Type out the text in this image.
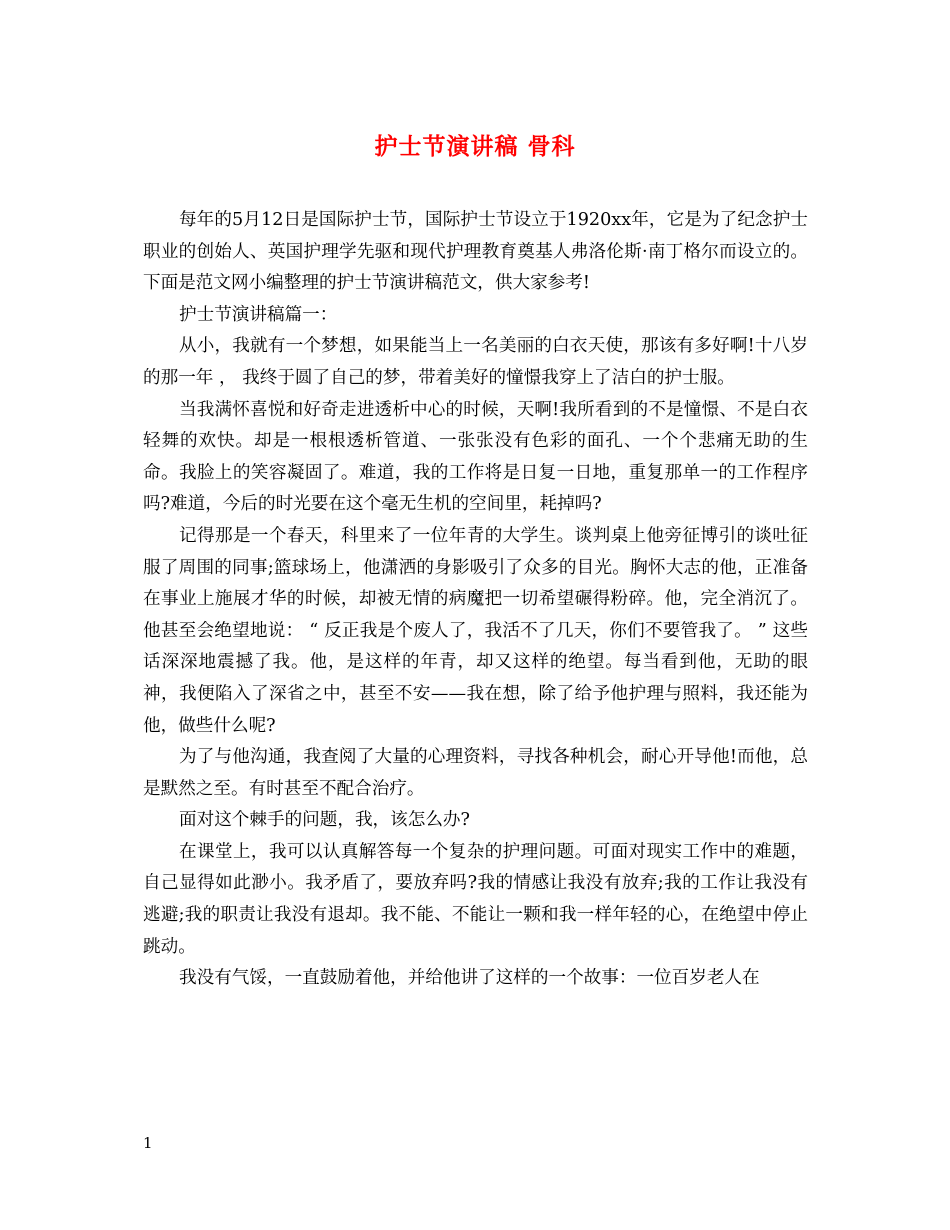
护士节演讲稿 骨科

每年的5月12日是国际护士节，国际护士节设立于1920xx年，它是为了纪念护士职业的创始人、英国护理学先驱和现代护理教育奠基人弗洛伦斯·南丁格尔而设立的。下面是范文网小编整理的护士节演讲稿范文，供大家参考!

护士节演讲稿篇一：

从小，我就有一个梦想，如果能当上一名美丽的白衣天使，那该有多好啊!十八岁的那一年 ， 我终于圆了自己的梦，带着美好的憧憬我穿上了洁白的护士服。

当我满怀喜悦和好奇走进透析中心的时候，天啊!我所看到的不是憧憬、不是白衣轻舞的欢快。却是一根根透析管道、一张张没有色彩的面孔、一个个悲痛无助的生命。我脸上的笑容凝固了。难道，我的工作将是日复一日地，重复那单一的工作程序吗?难道，今后的时光要在这个毫无生机的空间里，耗掉吗?

记得那是一个春天，科里来了一位年青的大学生。谈判桌上他旁征博引的谈吐征服了周围的同事;篮球场上，他潇洒的身影吸引了众多的目光。胸怀大志的他，正准备在事业上施展才华的时候，却被无情的病魔把一切希望碾得粉碎。他，完全消沉了。他甚至会绝望地说： “ 反正我是个废人了，我活不了几天，你们不要管我了。 ” 这些话深深地震撼了我。他，是这样的年青，却又这样的绝望。每当看到他，无助的眼神，我便陷入了深省之中，甚至不安——我在想，除了给予他护理与照料，我还能为他，做些什么呢?

为了与他沟通，我查阅了大量的心理资料，寻找各种机会，耐心开导他!而他，总是默然之至。有时甚至不配合治疗。

面对这个棘手的问题，我，该怎么办?

在课堂上，我可以认真解答每一个复杂的护理问题。可面对现实工作中的难题，自己显得如此渺小。我矛盾了，要放弃吗?我的情感让我没有放弃;我的工作让我没有逃避;我的职责让我没有退却。我不能、不能让一颗和我一样年轻的心，在绝望中停止跳动。

我没有气馁，一直鼓励着他，并给他讲了这样的一个故事：一位百岁老人在

1
